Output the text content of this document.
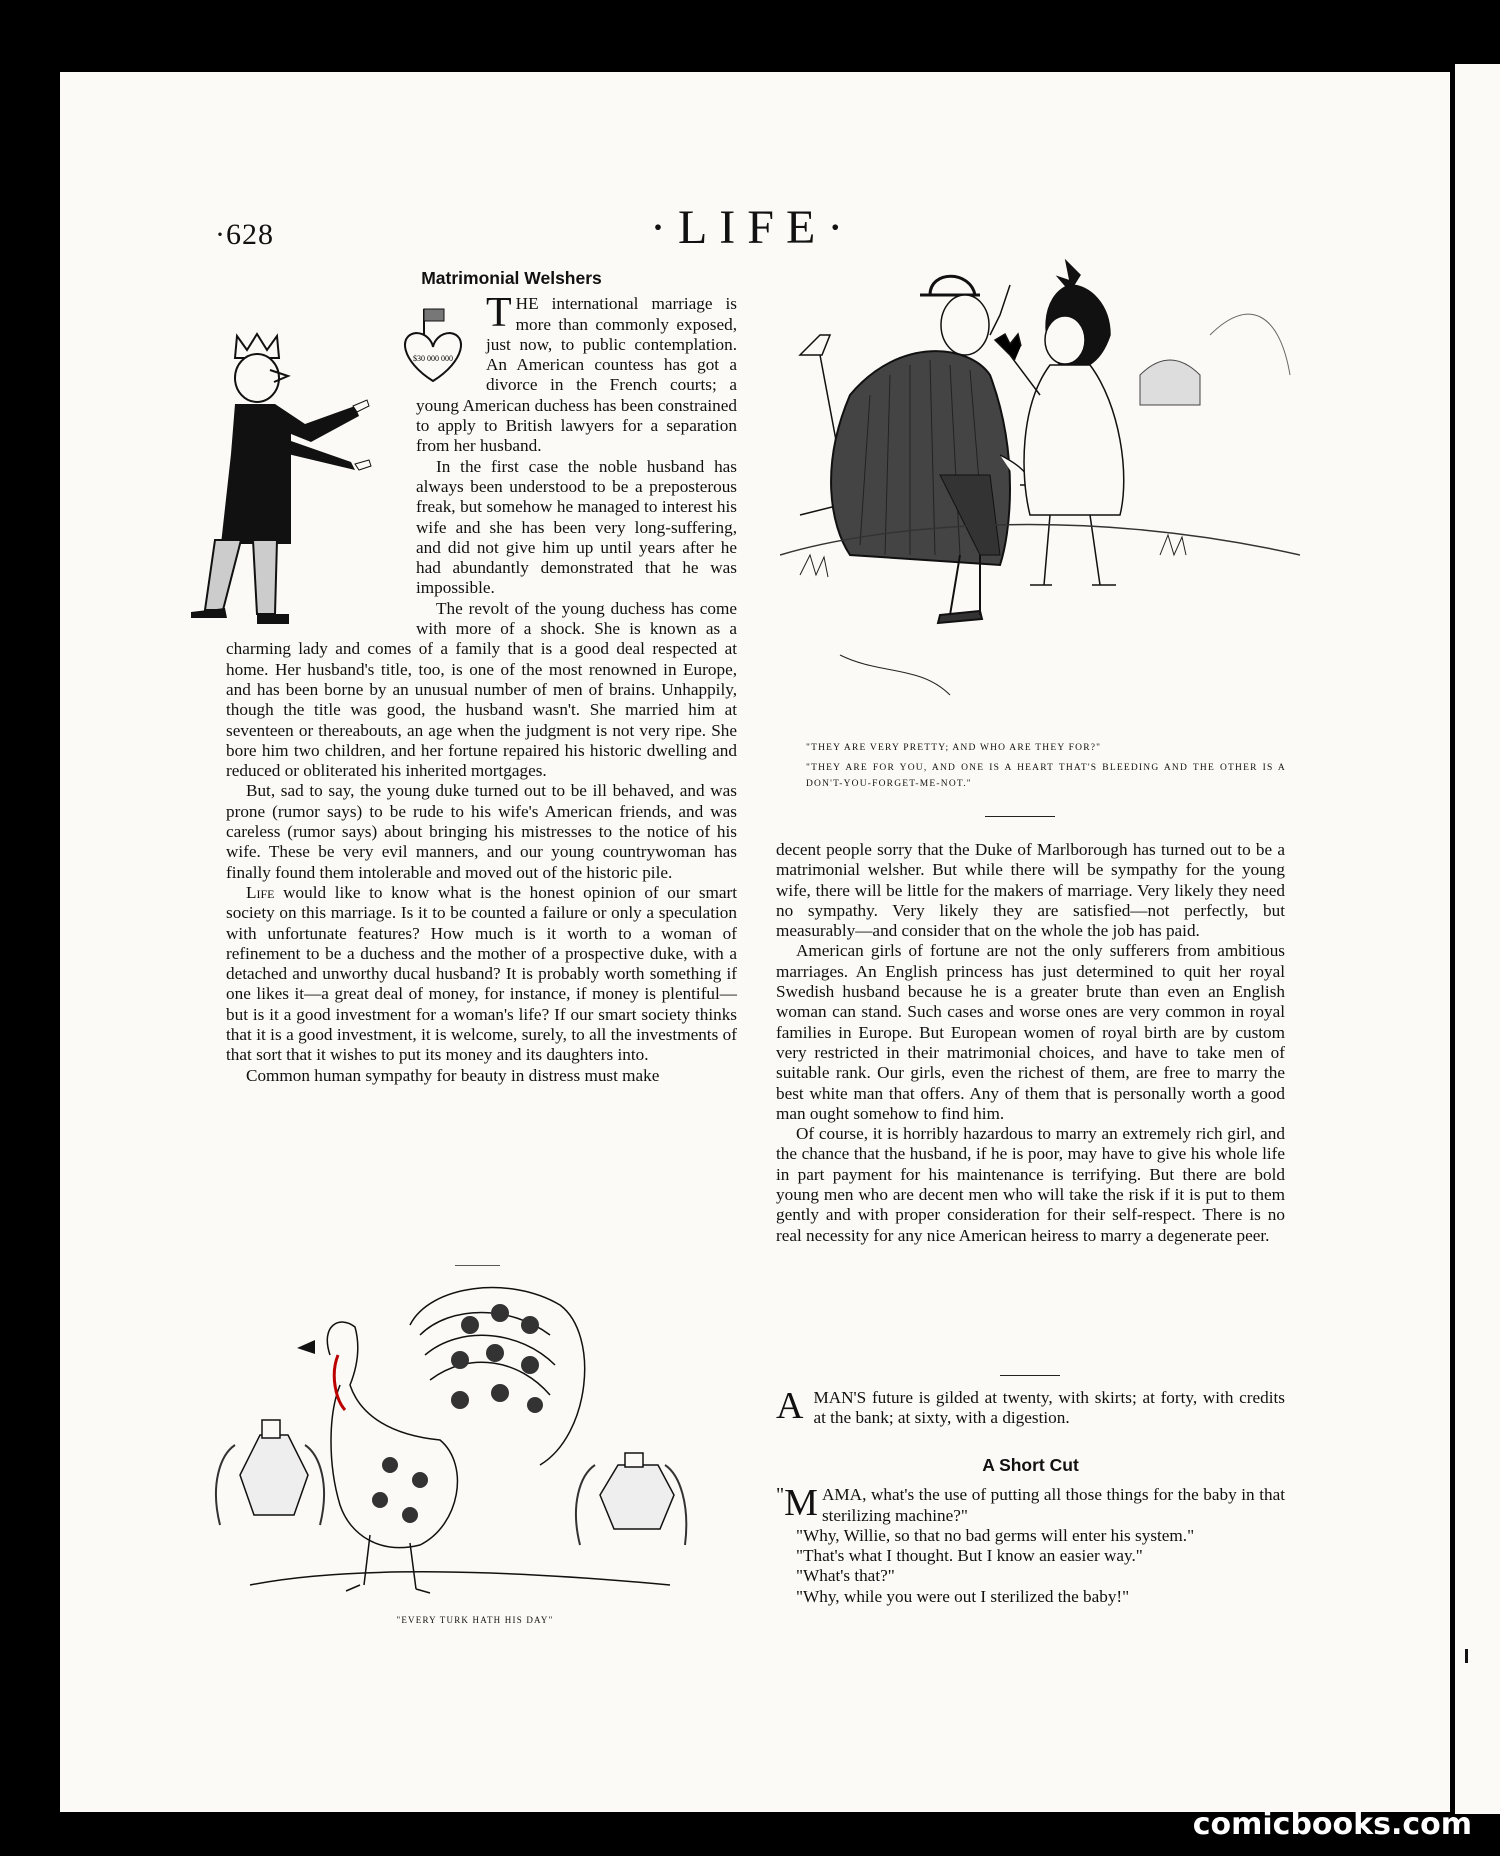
·628	·LIFE·
Matrimonial Welshers

THE international marriage is more than commonly exposed, just now, to public contemplation. An American countess has got a divorce in the French courts; a young American duchess has been constrained to apply to British lawyers for a separation from her husband.

In the first case the noble husband has always been understood to be a preposterous freak, but somehow he managed to interest his wife and she has been very long-suffering, and did not give him up until years after he had abundantly demonstrated that he was impossible.

The revolt of the young duchess has come with more of a shock. She is known as a charming lady and comes of a family that is a good deal respected at home. Her husband's title, too, is one of the most renowned in Europe, and has been borne by an unusual number of men of brains. Unhappily, though the title was good, the husband wasn't. She married him at seventeen or thereabouts, an age when the judgment is not very ripe. She bore him two children, and her fortune repaired his historic dwelling and reduced or obliterated his inherited mortgages.

But, sad to say, the young duke turned out to be ill behaved, and was prone (rumor says) to be rude to his wife's American friends, and was careless (rumor says) about bringing his mistresses to the notice of his wife. These be very evil manners, and our young countrywoman has finally found them intolerable and moved out of the historic pile.

Life would like to know what is the honest opinion of our smart society on this marriage. Is it to be counted a failure or only a speculation with unfortunate features? How much is it worth to a woman of refinement to be a duchess and the mother of a prospective duke, with a detached and unworthy ducal husband? It is probably worth something if one likes it—a great deal of money, for instance, if money is plentiful—but is it a good investment for a woman's life? If our smart society thinks that it is a good investment, it is welcome, surely, to all the investments of that sort that it wishes to put its money and its daughters into.

Common human sympathy for beauty in distress must make

$30 000 000
"EVERY TURK HATH HIS DAY"
"THEY ARE VERY PRETTY; AND WHO ARE THEY FOR?"
"THEY ARE FOR YOU, AND ONE IS A HEART THAT'S BLEEDING AND THE OTHER IS A DON'T-YOU-FORGET-ME-NOT."

decent people sorry that the Duke of Marlborough has turned out to be a matrimonial welsher. But while there will be sympathy for the young wife, there will be little for the makers of marriage. Very likely they need no sympathy. Very likely they are satisfied—not perfectly, but measurably—and consider that on the whole the job has paid.

American girls of fortune are not the only sufferers from ambitious marriages. An English princess has just determined to quit her royal Swedish husband because he is a greater brute than even an English woman can stand. Such cases and worse ones are very common in royal families in Europe. But European women of royal birth are by custom very restricted in their matrimonial choices, and have to take men of suitable rank. Our girls, even the richest of them, are free to marry the best white man that offers. Any of them that is personally worth a good man ought somehow to find him.

Of course, it is horribly hazardous to marry an extremely rich girl, and the chance that the husband, if he is poor, may have to give his whole life in part payment for his maintenance is terrifying. But there are bold young men who are decent men who will take the risk if it is put to them gently and with proper consideration for their self-respect. There is no real necessity for any nice American heiress to marry a degenerate peer.

AMAN'S future is gilded at twenty, with skirts; at forty, with credits at the bank; at sixty, with a digestion.

A Short Cut

" M AMA, what's the use of putting all those things for the baby in that sterilizing machine?"

"Why, Willie, so that no bad germs will enter his system."

"That's what I thought. But I know an easier way."

"What's that?"

"Why, while you were out I sterilized the baby!"

comicbooks.com
